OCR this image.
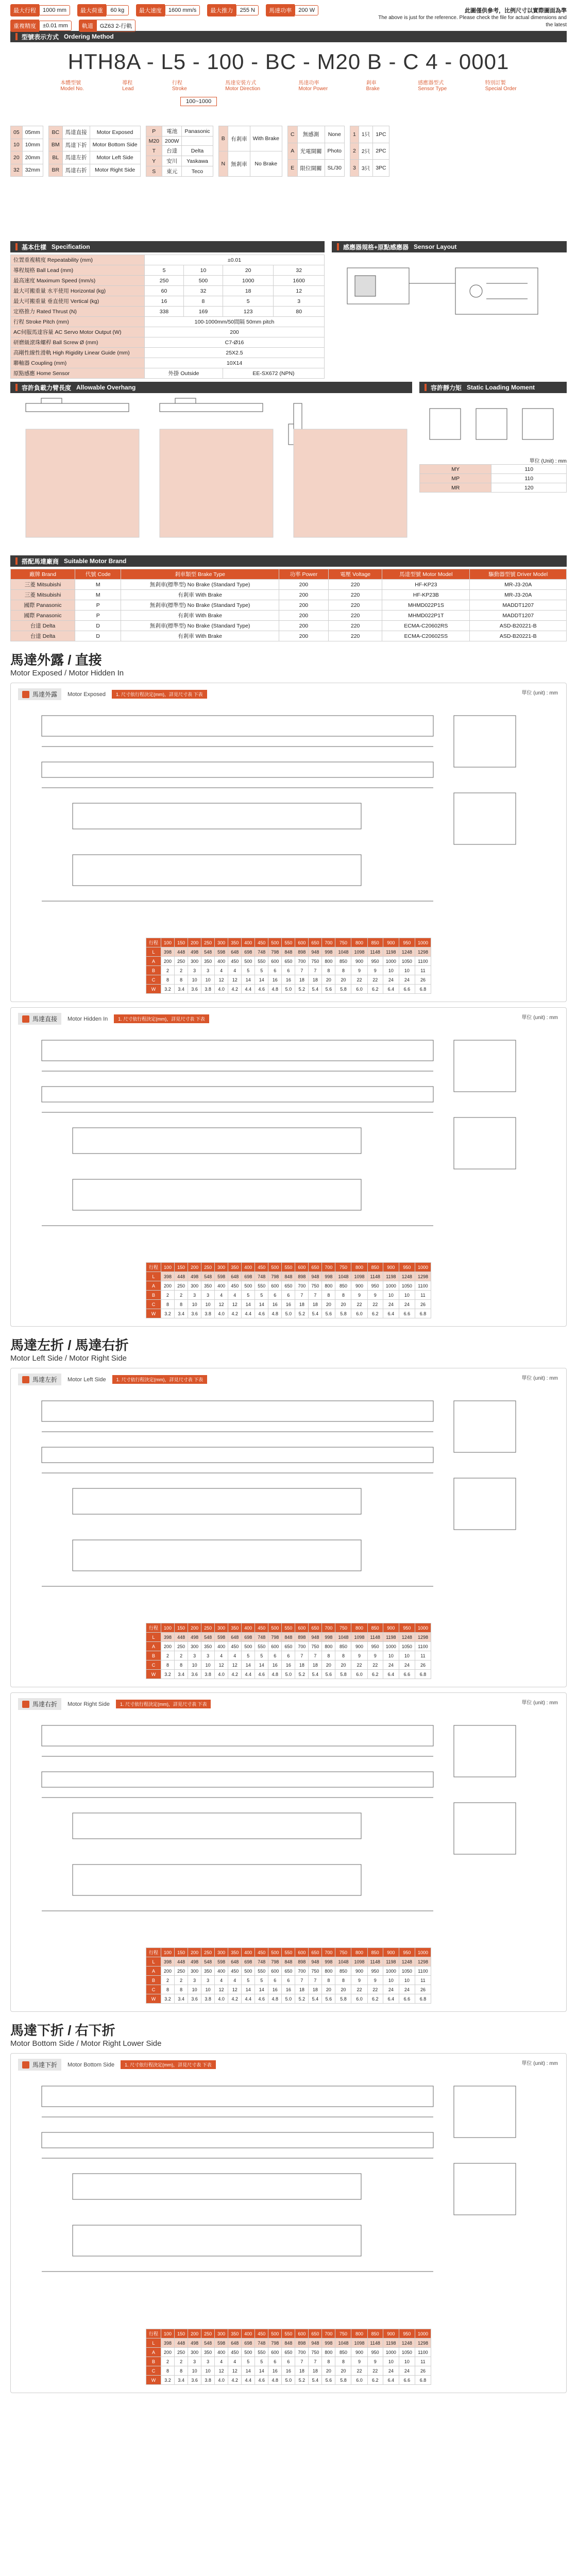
最大行程	1000 mm	最大荷重	60 kg	最大速度	1600 mm/s	最大推力	255 N	馬達功率	200 W
重複精度	±0.01 mm	軌道	GZ63 2-行軌
此圖僅供參考，比例尺寸以實際圖面為準
The above is just for the reference. Please check the file for actual dimensions and the latest
型號表示方式 Ordering Method
HTH8A - L5 - 100 - BC - M20 B - C 4 - 0001
本體型號
Model No.
導程
Lead
行程
Stroke
馬達安裝方式
Motor Direction
馬達功率
Motor Power
剎車
Brake
感應器型式
Sensor Type
特別訂製
Special Order
100~1000
05	05mm
10	10mm
20	20mm
32	32mm
BC	馬達直接	Motor Exposed
BM	馬達下折	Motor Bottom Side
BL	馬達左折	Motor Left Side
BR	馬達右折	Motor Right Side
P	電池	Panasonic
M20	200W	
T	台達	Delta
Y	安川	Yaskawa
S	東元	Teco
B	有剎車	With Brake
N	無剎車	No Brake
C	無感測	None
A	光電開關	Photo
E	限位開關	SL/30
1	1只	1PC
2	2只	2PC
3	3只	3PC
基本仕樣 Specification
位置重複精度 Repeatability (mm)	±0.01			
導程規格 Ball Lead (mm)	5	10	20	32
最高速度 Maximum Speed (mm/s)	250	500	1000	1600
最大可搬重量 水平使用 Horizontal (kg)	60	32	18	12
最大可搬重量 垂直使用 Vertical (kg)	16	8	5	3
定格推力 Rated Thrust (N)	338	169	123	80
行程 Stroke Pitch (mm)	100-1000mm/50間隔 50mm pitch			
AC伺服馬達容量 AC Servo Motor Output (W)	200			
研磨級滾珠螺桿 Ball Screw Ø (mm)	C7-Ø16			
高剛性線性滑軌 High Rigidity Linear Guide (mm)	25X2.5			
聯軸器 Coupling (mm)	10X14			
原點感應 Home Sensor	外掛 Outside		EE-SX672 (NPN)	
感應器規格+原點感應器 Sensor Layout
容許負載力臂長度 Allowable Overhang	容許靜力矩 Static Loading Moment
單位 (Unit) : mm
MY	110
MP	110
MR	120
搭配馬達廠商 Suitable Motor Brand
廠牌 Brand	代號 Code	剎車類型 Brake Type	功率 Power	電壓 Voltage	馬達型號 Motor Model	驅動器型號 Driver Model
三菱 Mitsubishi	M	無剎車(標準型) No Brake (Standard Type)	200	220	HF-KP23	MR-J3-20A
三菱 Mitsubishi	M	有剎車 With Brake	200	220	HF-KP23B	MR-J3-20A
國際 Panasonic	P	無剎車(標準型) No Brake (Standard Type)	200	220	MHMD022P1S	MADDT1207
國際 Panasonic	P	有剎車 With Brake	200	220	MHMD022P1T	MADDT1207
台達 Delta	D	無剎車(標準型) No Brake (Standard Type)	200	220	ECMA-C20602RS	ASD-B20221-B
台達 Delta	D	有剎車 With Brake	200	220	ECMA-C20602SS	ASD-B20221-B
馬達外露 / 直接
Motor Exposed / Motor Hidden In
馬達外露 Motor Exposed	1. 尺寸依行程決定(mm)，詳見尺寸表 下表	單位 (unit) : mm
行程	100	150	200	250	300	350	400	450	500	550	600	650	700	750	800	850	900	950	1000
L	398	448	498	548	598	648	698	748	798	848	898	948	998	1048	1098	1148	1198	1248	1298
A	200	250	300	350	400	450	500	550	600	650	700	750	800	850	900	950	1000	1050	1100
B	2	2	3	3	4	4	5	5	6	6	7	7	8	8	9	9	10	10	11
C	8	8	10	10	12	12	14	14	16	16	18	18	20	20	22	22	24	24	26
W	3.2	3.4	3.6	3.8	4.0	4.2	4.4	4.6	4.8	5.0	5.2	5.4	5.6	5.8	6.0	6.2	6.4	6.6	6.8
馬達直接 Motor Hidden In	1. 尺寸依行程決定(mm)，詳見尺寸表 下表	單位 (unit) : mm
行程	100	150	200	250	300	350	400	450	500	550	600	650	700	750	800	850	900	950	1000
L	398	448	498	548	598	648	698	748	798	848	898	948	998	1048	1098	1148	1198	1248	1298
A	200	250	300	350	400	450	500	550	600	650	700	750	800	850	900	950	1000	1050	1100
B	2	2	3	3	4	4	5	5	6	6	7	7	8	8	9	9	10	10	11
C	8	8	10	10	12	12	14	14	16	16	18	18	20	20	22	22	24	24	26
W	3.2	3.4	3.6	3.8	4.0	4.2	4.4	4.6	4.8	5.0	5.2	5.4	5.6	5.8	6.0	6.2	6.4	6.6	6.8
馬達左折 / 馬達右折
Motor Left Side / Motor Right Side
馬達左折 Motor Left Side	1. 尺寸依行程決定(mm)，詳見尺寸表 下表	單位 (unit) : mm
行程	100	150	200	250	300	350	400	450	500	550	600	650	700	750	800	850	900	950	1000
L	398	448	498	548	598	648	698	748	798	848	898	948	998	1048	1098	1148	1198	1248	1298
A	200	250	300	350	400	450	500	550	600	650	700	750	800	850	900	950	1000	1050	1100
B	2	2	3	3	4	4	5	5	6	6	7	7	8	8	9	9	10	10	11
C	8	8	10	10	12	12	14	14	16	16	18	18	20	20	22	22	24	24	26
W	3.2	3.4	3.6	3.8	4.0	4.2	4.4	4.6	4.8	5.0	5.2	5.4	5.6	5.8	6.0	6.2	6.4	6.6	6.8
馬達右折 Motor Right Side	1. 尺寸依行程決定(mm)，詳見尺寸表 下表	單位 (unit) : mm
行程	100	150	200	250	300	350	400	450	500	550	600	650	700	750	800	850	900	950	1000
L	398	448	498	548	598	648	698	748	798	848	898	948	998	1048	1098	1148	1198	1248	1298
A	200	250	300	350	400	450	500	550	600	650	700	750	800	850	900	950	1000	1050	1100
B	2	2	3	3	4	4	5	5	6	6	7	7	8	8	9	9	10	10	11
C	8	8	10	10	12	12	14	14	16	16	18	18	20	20	22	22	24	24	26
W	3.2	3.4	3.6	3.8	4.0	4.2	4.4	4.6	4.8	5.0	5.2	5.4	5.6	5.8	6.0	6.2	6.4	6.6	6.8
馬達下折 / 右下折
Motor Bottom Side / Motor Right Lower Side
馬達下折 Motor Bottom Side	1. 尺寸依行程決定(mm)，詳見尺寸表 下表	單位 (unit) : mm
行程	100	150	200	250	300	350	400	450	500	550	600	650	700	750	800	850	900	950	1000
L	398	448	498	548	598	648	698	748	798	848	898	948	998	1048	1098	1148	1198	1248	1298
A	200	250	300	350	400	450	500	550	600	650	700	750	800	850	900	950	1000	1050	1100
B	2	2	3	3	4	4	5	5	6	6	7	7	8	8	9	9	10	10	11
C	8	8	10	10	12	12	14	14	16	16	18	18	20	20	22	22	24	24	26
W	3.2	3.4	3.6	3.8	4.0	4.2	4.4	4.6	4.8	5.0	5.2	5.4	5.6	5.8	6.0	6.2	6.4	6.6	6.8
